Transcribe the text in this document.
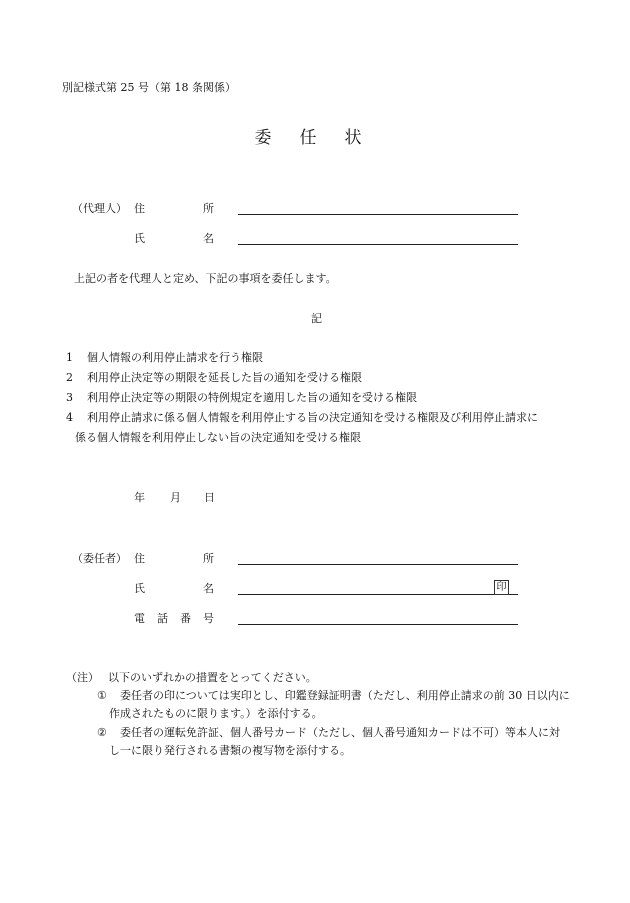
別記様式第 25 号（第 18 条関係）
委任状
（代理人） 住	所
氏	名
上記の者を代理人と定め、下記の事項を委任します。
記
1 個人情報の利用停止請求を行う権限
2 利用停止決定等の期限を延長した旨の通知を受ける権限
3 利用停止決定等の期限の特例規定を適用した旨の通知を受ける権限
4 利用停止請求に係る個人情報を利用停止する旨の決定通知を受ける権限及び利用停止請求に
係る個人情報を利用停止しない旨の決定通知を受ける権限
年 月 日
（委任者） 住	所
氏	名	印
電 話 番 号
（注） 以下のいずれかの措置をとってください。
① 委任者の印については実印とし、印鑑登録証明書（ただし、利用停止請求の前 30 日以内に
作成されたものに限ります。）を添付する。
② 委任者の運転免許証、個人番号カード（ただし、個人番号通知カードは不可）等本人に対
し一に限り発行される書類の複写物を添付する。
